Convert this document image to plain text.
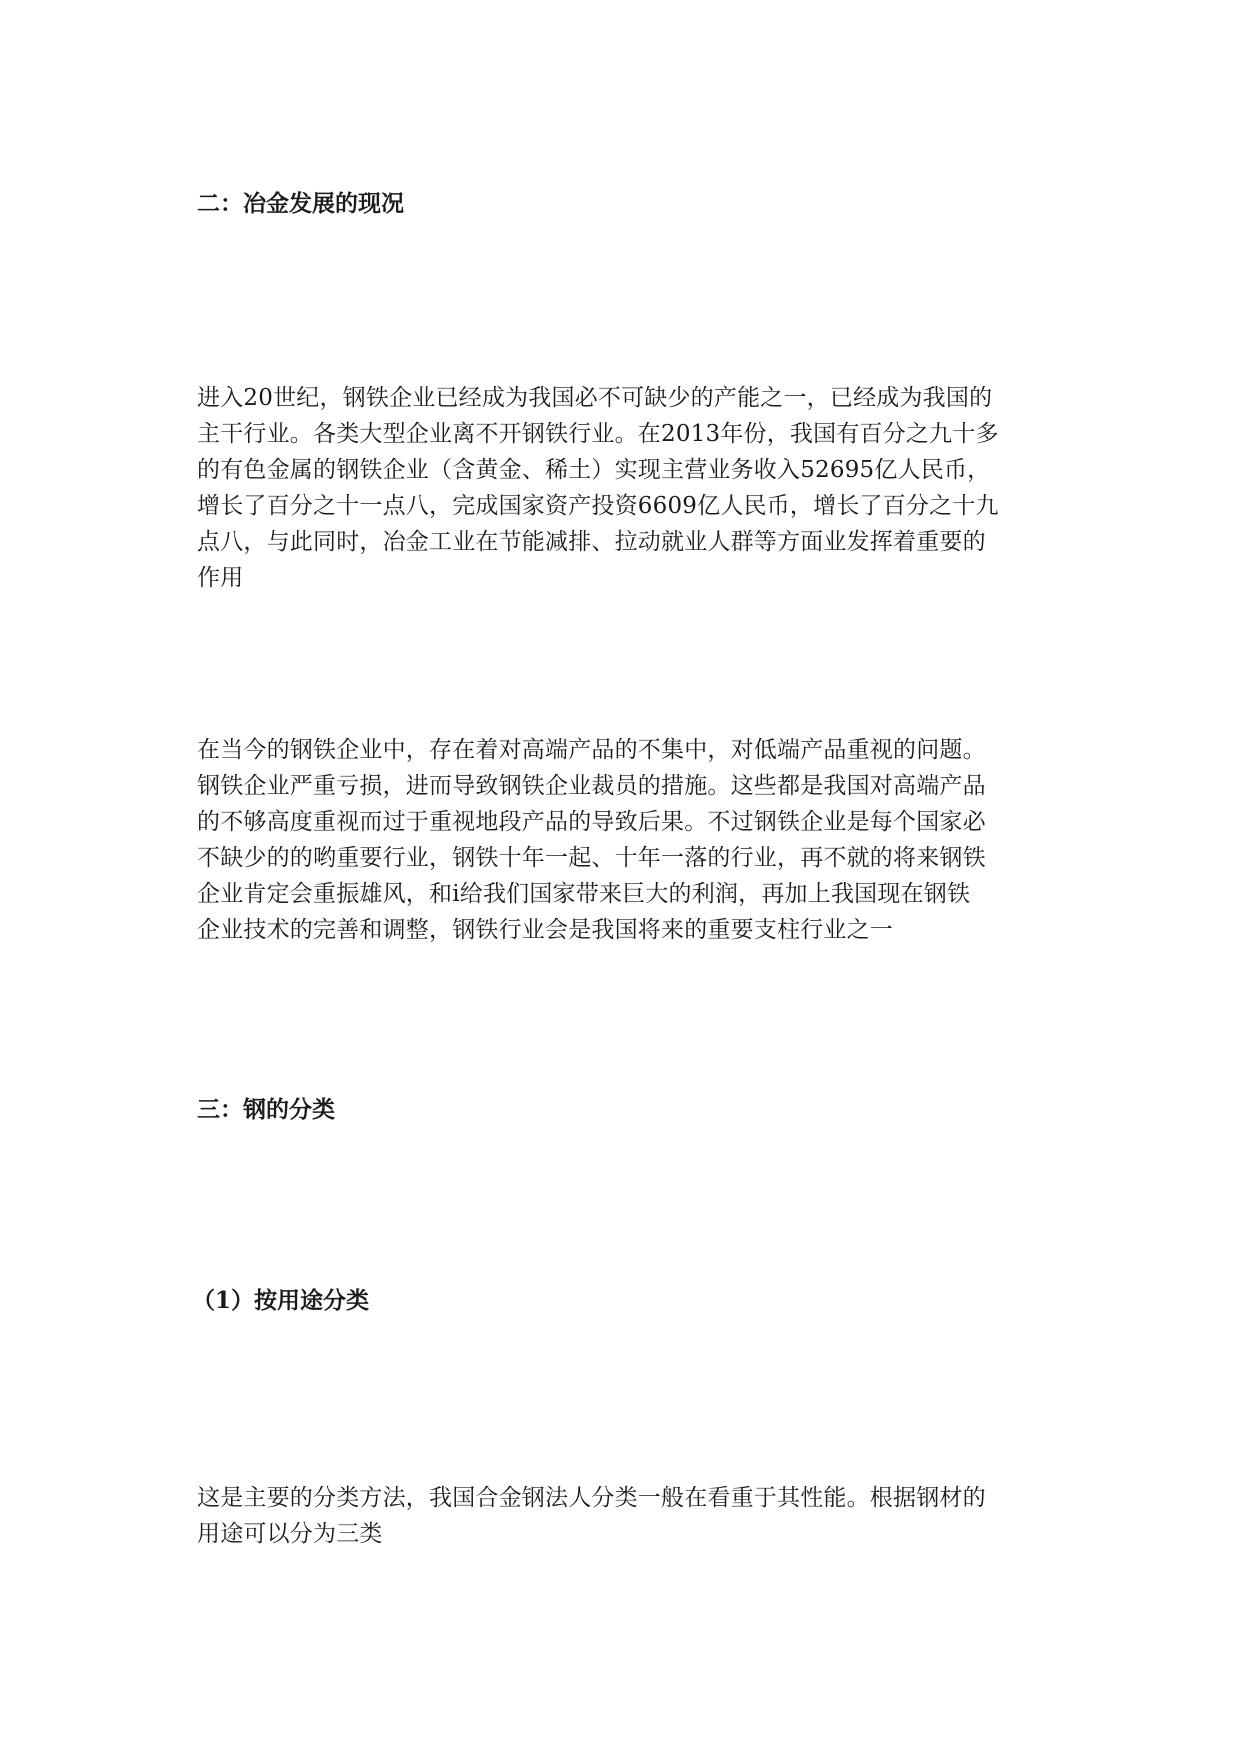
二：冶金发展的现况

进入20世纪，钢铁企业已经成为我国必不可缺少的产能之一，已经成为我国的
主干行业。各类大型企业离不开钢铁行业。在2013年份，我国有百分之九十多
的有色金属的钢铁企业（含黄金、稀土）实现主营业务收入52695亿人民币，
增长了百分之十一点八，完成国家资产投资6609亿人民币，增长了百分之十九
点八，与此同时，冶金工业在节能减排、拉动就业人群等方面业发挥着重要的
作用

在当今的钢铁企业中，存在着对高端产品的不集中，对低端产品重视的问题。
钢铁企业严重亏损，进而导致钢铁企业裁员的措施。这些都是我国对高端产品
的不够高度重视而过于重视地段产品的导致后果。不过钢铁企业是每个国家必
不缺少的的哟重要行业，钢铁十年一起、十年一落的行业，再不就的将来钢铁
企业肯定会重振雄风，和i给我们国家带来巨大的利润，再加上我国现在钢铁
企业技术的完善和调整，钢铁行业会是我国将来的重要支柱行业之一

三：钢的分类
（1）按用途分类

这是主要的分类方法，我国合金钢法人分类一般在看重于其性能。根据钢材的
用途可以分为三类
